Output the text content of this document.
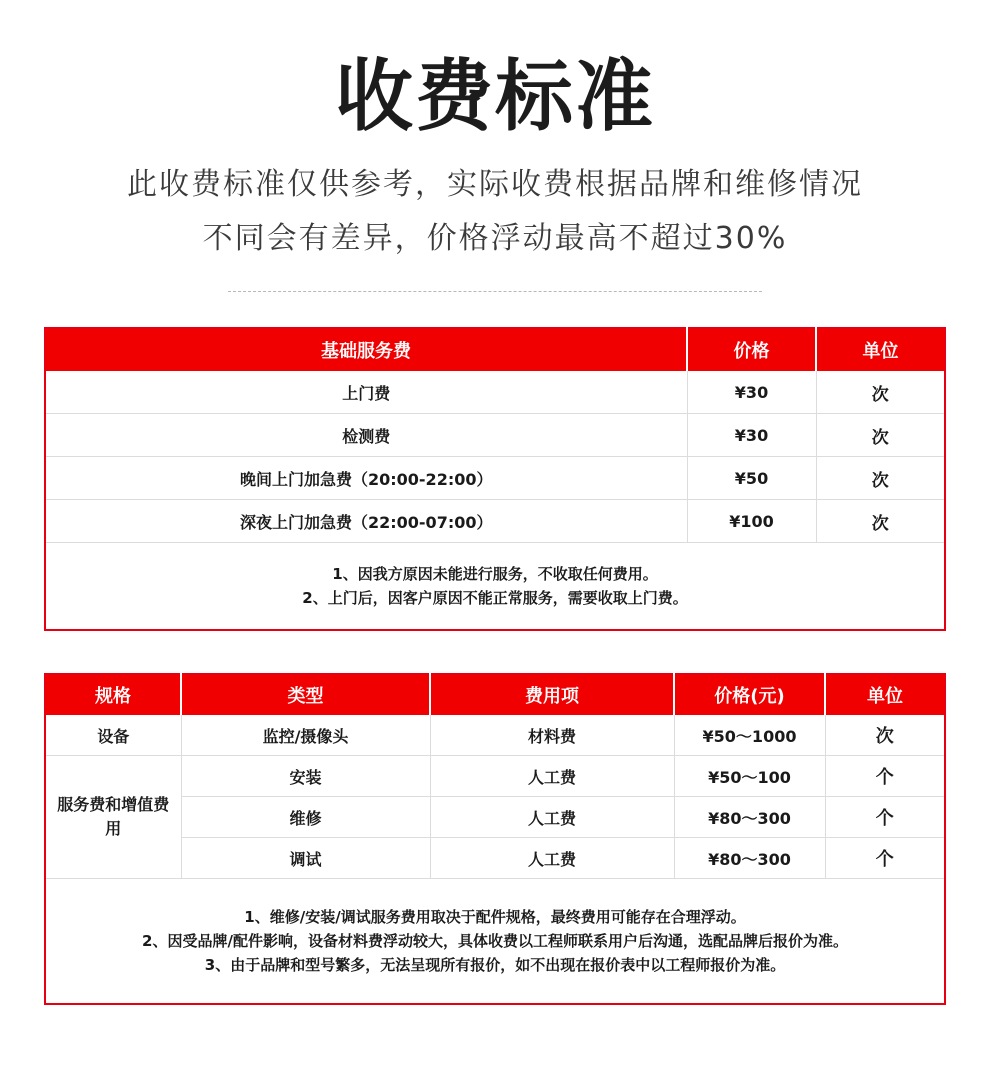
收费标准
此收费标准仅供参考，实际收费根据品牌和维修情况
不同会有差异，价格浮动最高不超过30%
基础服务费	价格	单位
上门费	¥30	次
检测费	¥30	次
晚间上门加急费（20:00-22:00）	¥50	次
深夜上门加急费（22:00-07:00）	¥100	次

1、因我方原因未能进行服务，不收取任何费用。
2、上门后，因客户原因不能正常服务，需要收取上门费。		
规格	类型	费用项	价格(元)	单位
设备	监控/摄像头	材料费	¥50～1000	次
服务费和增值费用	安装	人工费	¥50～100	个
	维修	人工费	¥80～300	个
	调试	人工费	¥80～300	个

1、维修/安装/调试服务费用取决于配件规格，最终费用可能存在合理浮动。
2、因受品牌/配件影响，设备材料费浮动较大，具体收费以工程师联系用户后沟通，选配品牌后报价为准。
3、由于品牌和型号繁多，无法呈现所有报价，如不出现在报价表中以工程师报价为准。				
